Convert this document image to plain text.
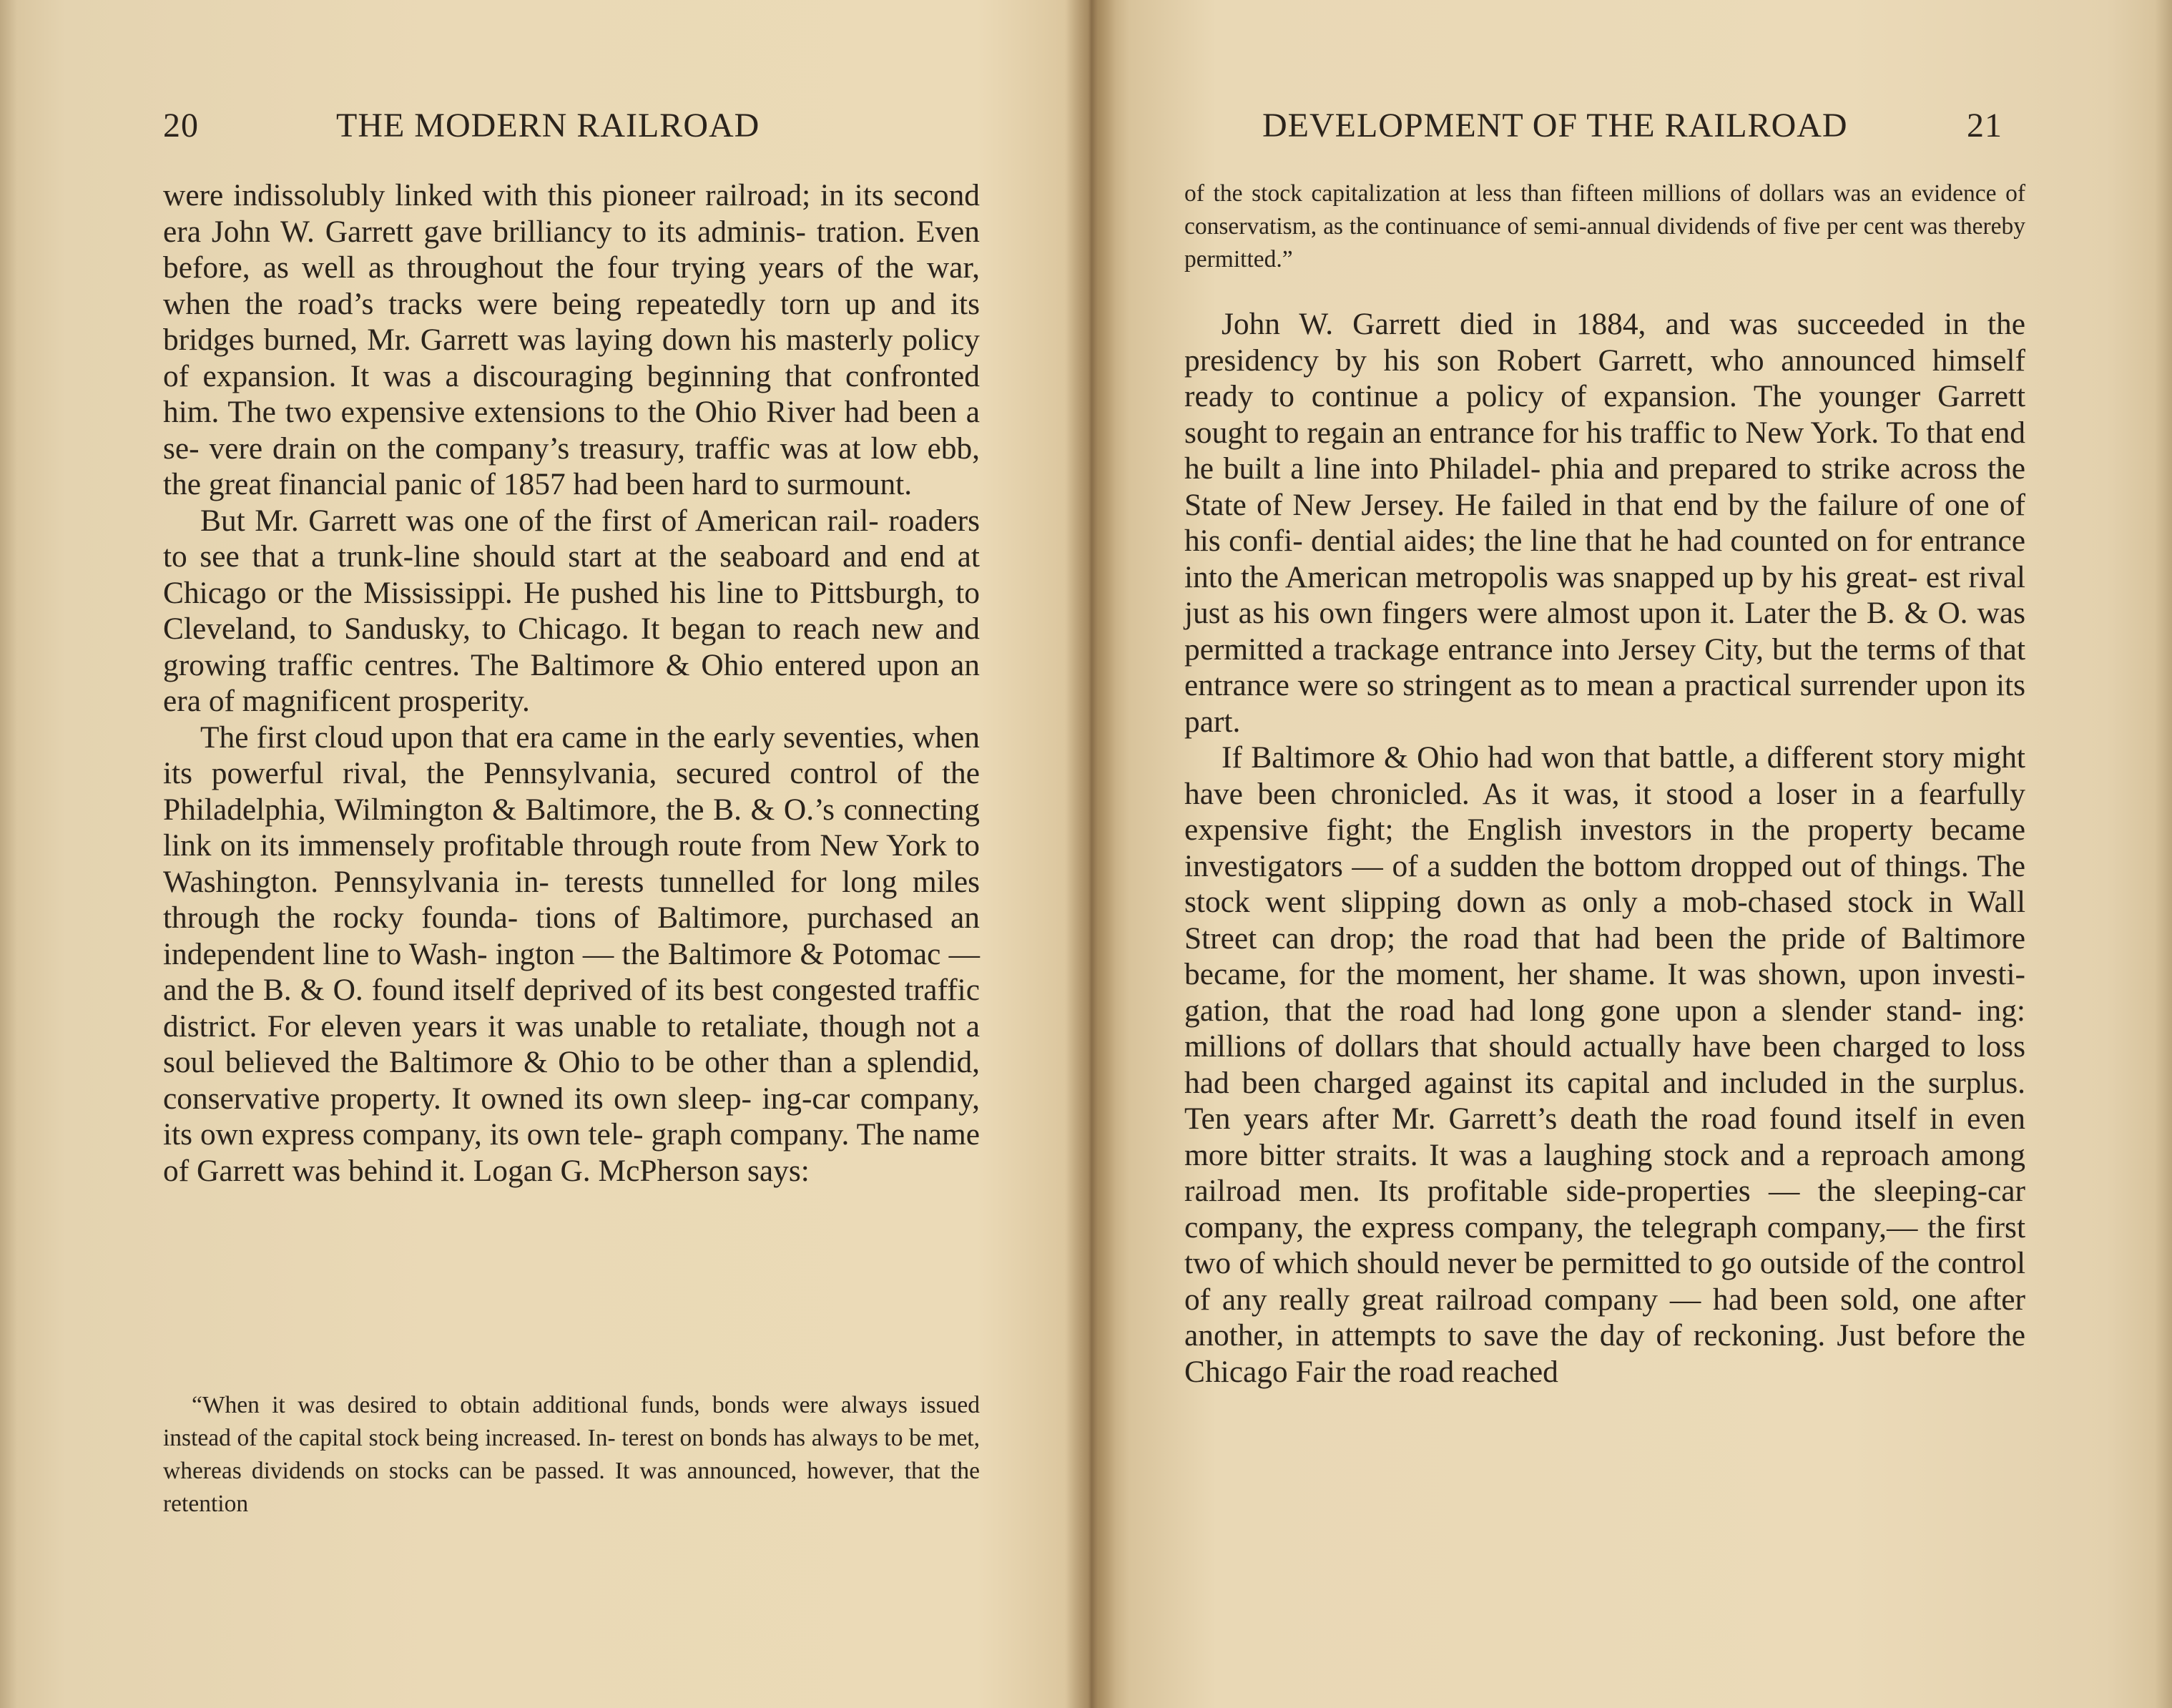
20	THE MODERN RAILROAD

were indissolubly linked with this pioneer railroad; in its second era John W. Garrett gave brilliancy to its adminis- tration. Even before, as well as throughout the four trying years of the war, when the road’s tracks were being repeatedly torn up and its bridges burned, Mr. Garrett was laying down his masterly policy of expansion. It was a discouraging beginning that confronted him. The two expensive extensions to the Ohio River had been a se- vere drain on the company’s treasury, traffic was at low ebb, the great financial panic of 1857 had been hard to surmount.

But Mr. Garrett was one of the first of American rail- roaders to see that a trunk-line should start at the seaboard and end at Chicago or the Mississippi. He pushed his line to Pittsburgh, to Cleveland, to Sandusky, to Chicago. It began to reach new and growing traffic centres. The Baltimore & Ohio entered upon an era of magnificent prosperity.

The first cloud upon that era came in the early seventies, when its powerful rival, the Pennsylvania, secured control of the Philadelphia, Wilmington & Baltimore, the B. & O.’s connecting link on its immensely profitable through route from New York to Washington. Pennsylvania in- terests tunnelled for long miles through the rocky founda- tions of Baltimore, purchased an independent line to Wash- ington — the Baltimore & Potomac — and the B. & O. found itself deprived of its best congested traffic district. For eleven years it was unable to retaliate, though not a soul believed the Baltimore & Ohio to be other than a splendid, conservative property. It owned its own sleep- ing-car company, its own express company, its own tele- graph company. The name of Garrett was behind it. Logan G. McPherson says:

“When it was desired to obtain additional funds, bonds were always issued instead of the capital stock being increased. In- terest on bonds has always to be met, whereas dividends on stocks can be passed. It was announced, however, that the retention

DEVELOPMENT OF THE RAILROAD	21

of the stock capitalization at less than fifteen millions of dollars was an evidence of conservatism, as the continuance of semi-annual dividends of five per cent was thereby permitted.”

John W. Garrett died in 1884, and was succeeded in the presidency by his son Robert Garrett, who announced himself ready to continue a policy of expansion. The younger Garrett sought to regain an entrance for his traffic to New York. To that end he built a line into Philadel- phia and prepared to strike across the State of New Jersey. He failed in that end by the failure of one of his confi- dential aides; the line that he had counted on for entrance into the American metropolis was snapped up by his great- est rival just as his own fingers were almost upon it. Later the B. & O. was permitted a trackage entrance into Jersey City, but the terms of that entrance were so stringent as to mean a practical surrender upon its part.

If Baltimore & Ohio had won that battle, a different story might have been chronicled. As it was, it stood a loser in a fearfully expensive fight; the English investors in the property became investigators — of a sudden the bottom dropped out of things. The stock went slipping down as only a mob-chased stock in Wall Street can drop; the road that had been the pride of Baltimore became, for the moment, her shame. It was shown, upon investi- gation, that the road had long gone upon a slender stand- ing: millions of dollars that should actually have been charged to loss had been charged against its capital and included in the surplus. Ten years after Mr. Garrett’s death the road found itself in even more bitter straits. It was a laughing stock and a reproach among railroad men. Its profitable side-properties — the sleeping-car company, the express company, the telegraph company,— the first two of which should never be permitted to go outside of the control of any really great railroad company — had been sold, one after another, in attempts to save the day of reckoning. Just before the Chicago Fair the road reached
